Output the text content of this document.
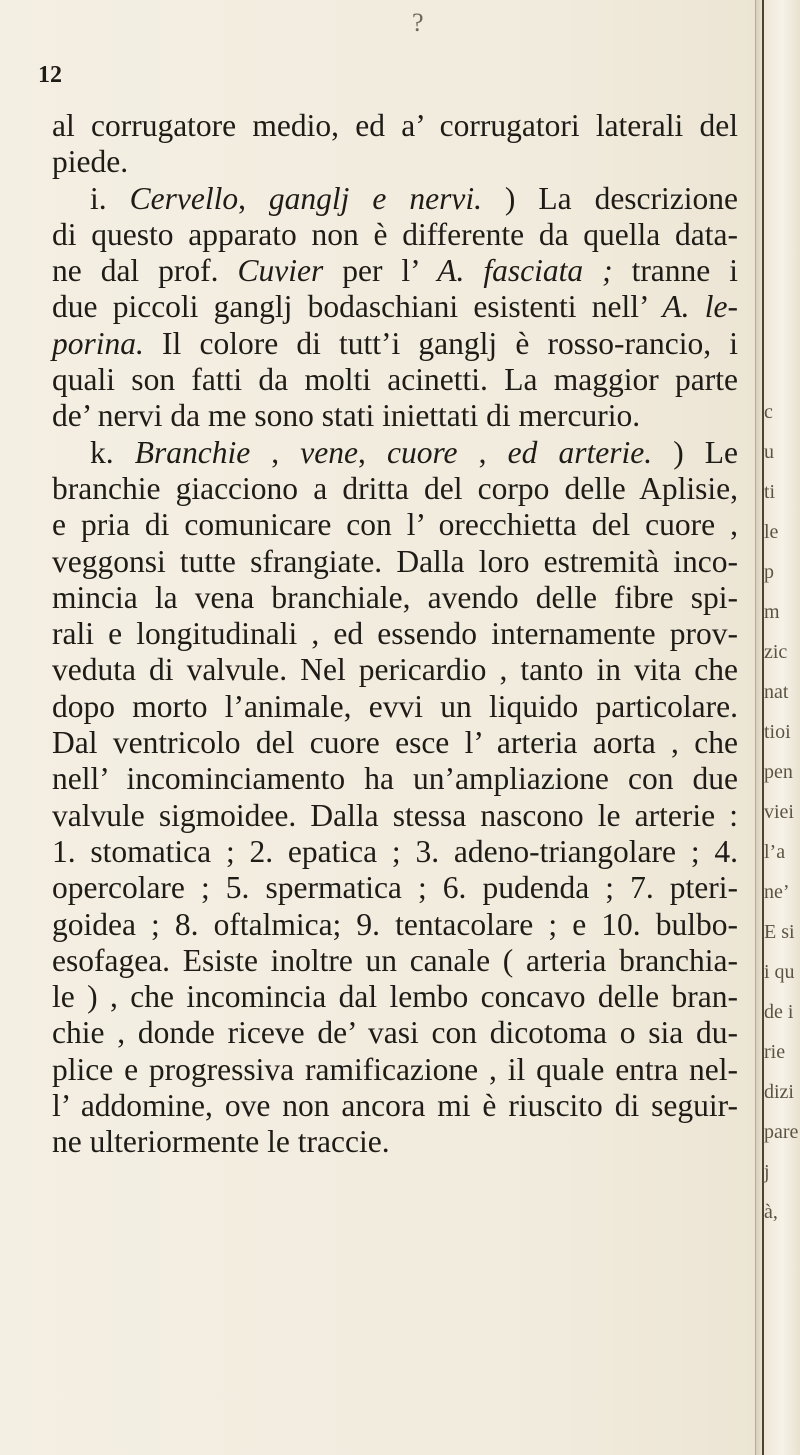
?
12
al corrugatore medio, ed a’ corrugatori laterali del
piede.
i. Cervello, ganglj e nervi. ) La descrizione
di questo apparato non è differente da quella data-
ne dal prof. Cuvier per l’ A. fasciata ; tranne i
due piccoli ganglj bodaschiani esistenti nell’ A. le-
porina. Il colore di tutt’i ganglj è rosso-rancio, i
quali son fatti da molti acinetti. La maggior parte
de’ nervi da me sono stati iniettati di mercurio.
k. Branchie , vene, cuore , ed arterie. ) Le
branchie giacciono a dritta del corpo delle Aplisie,
e pria di comunicare con l’ orecchietta del cuore ,
veggonsi tutte sfrangiate. Dalla loro estremità inco-
mincia la vena branchiale, avendo delle fibre spi-
rali e longitudinali , ed essendo internamente prov-
veduta di valvule. Nel pericardio , tanto in vita che
dopo morto l’animale, evvi un liquido particolare.
Dal ventricolo del cuore esce l’ arteria aorta , che
nell’ incominciamento ha un’ampliazione con due
valvule sigmoidee. Dalla stessa nascono le arterie :
1. stomatica ; 2. epatica ; 3. adeno-triangolare ; 4.
opercolare ; 5. spermatica ; 6. pudenda ; 7. pteri-
goidea ; 8. oftalmica; 9. tentacolare ; e 10. bulbo-
esofagea. Esiste inoltre un canale ( arteria branchia-
le ) , che incomincia dal lembo concavo delle bran-
chie , donde riceve de’ vasi con dicotoma o sia du-
plice e progressiva ramificazione , il quale entra nel-
l’ addomine, ove non ancora mi è riuscito di seguir-
ne ulteriormente le traccie.
c
u
ti
le
p
m
zic
nat
tioi
pen
viei
l’a
ne’
E si
i qu
de i
rie
dizi
pare
j
à,
